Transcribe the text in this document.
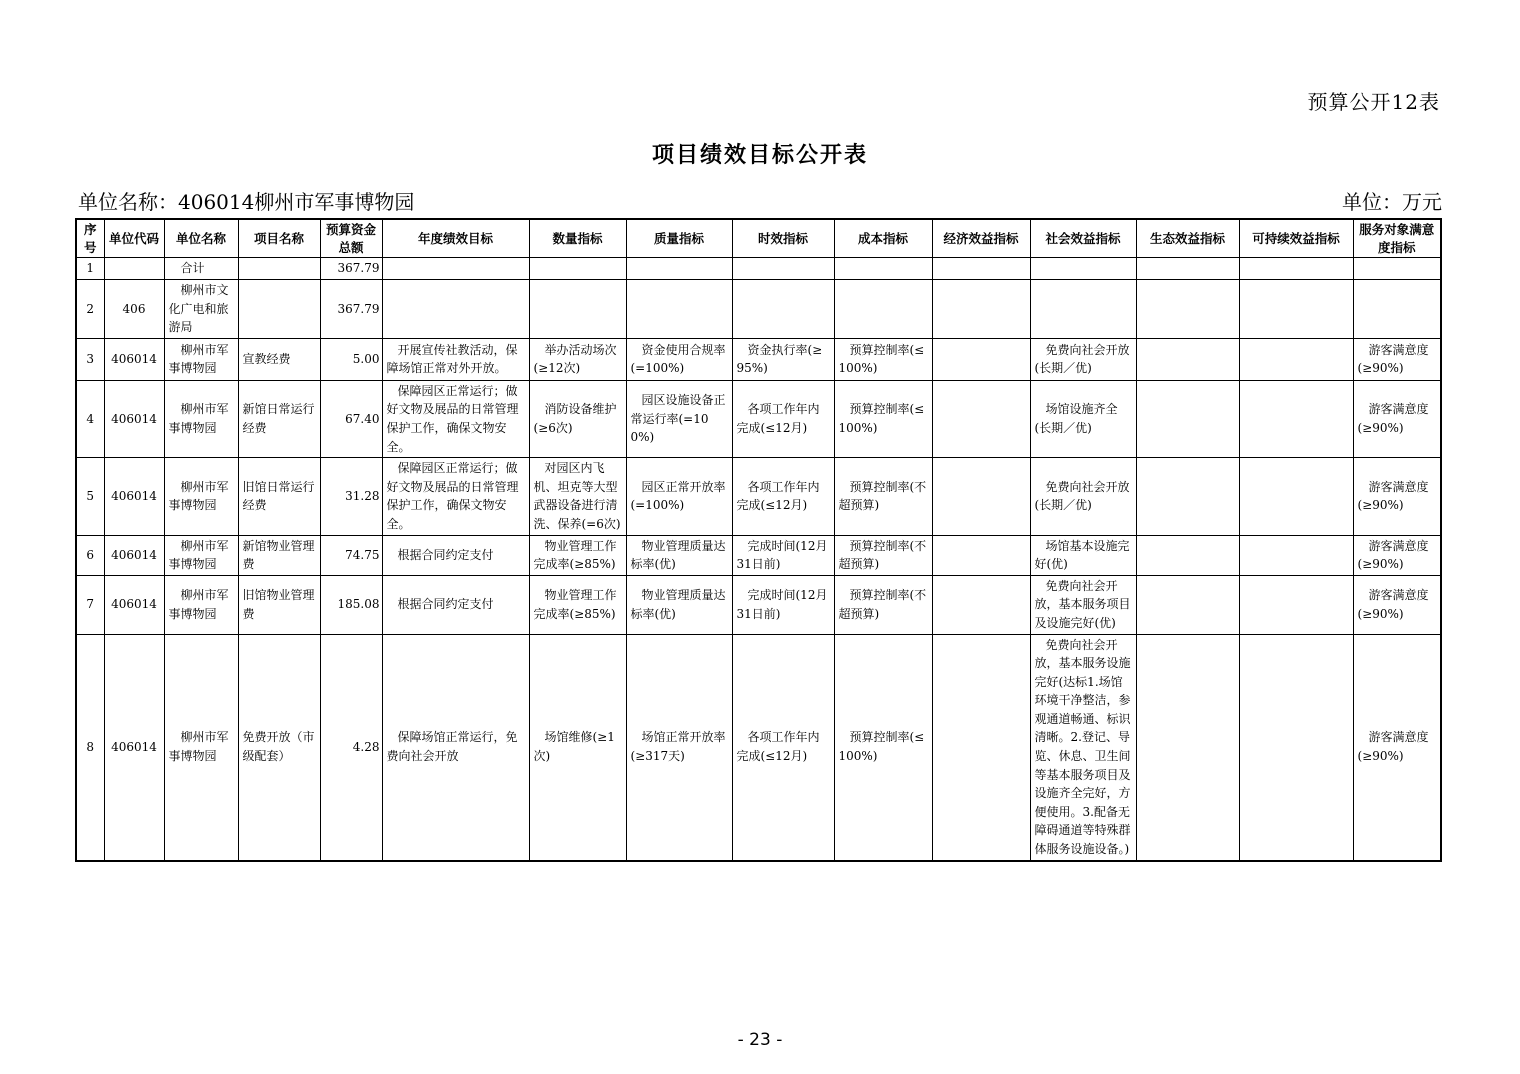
预算公开12表
项目绩效目标公开表
单位名称：406014柳州市军事博物园	单位：万元
序号	单位代码	单位名称	项目名称	预算资金总额	年度绩效目标	数量指标	质量指标	时效指标	成本指标	经济效益指标	社会效益指标	生态效益指标	可持续效益指标	服务对象满意度指标
1		合计		367.79										
2	406	柳州市文化广电和旅游局		367.79										
3	406014	柳州市军事博物园	宣教经费	5.00	开展宣传社教活动，保障场馆正常对外开放。	举办活动场次(≥12次)	资金使用合规率(=100%)	资金执行率(≥95%)	预算控制率(≤100%)		免费向社会开放(长期／优)			游客满意度(≥90%)
4	406014	柳州市军事博物园	新馆日常运行经费	67.40	保障园区正常运行；做好文物及展品的日常管理保护工作，确保文物安全。	消防设备维护(≥6次)	园区设施设备正常运行率(=100%)	各项工作年内完成(≤12月)	预算控制率(≤100%)		场馆设施齐全(长期／优)			游客满意度(≥90%)
5	406014	柳州市军事博物园	旧馆日常运行经费	31.28	保障园区正常运行；做好文物及展品的日常管理保护工作，确保文物安全。	对园区内飞机、坦克等大型武器设备进行清洗、保养(=6次)	园区正常开放率(=100%)	各项工作年内完成(≤12月)	预算控制率(不超预算)		免费向社会开放(长期／优)			游客满意度(≥90%)
6	406014	柳州市军事博物园	新馆物业管理费	74.75	根据合同约定支付	物业管理工作完成率(≥85%)	物业管理质量达标率(优)	完成时间(12月31日前)	预算控制率(不超预算)		场馆基本设施完好(优)			游客满意度(≥90%)
7	406014	柳州市军事博物园	旧馆物业管理费	185.08	根据合同约定支付	物业管理工作完成率(≥85%)	物业管理质量达标率(优)	完成时间(12月31日前)	预算控制率(不超预算)		免费向社会开放，基本服务项目及设施完好(优)			游客满意度(≥90%)
8	406014	柳州市军事博物园	免费开放（市级配套）	4.28	保障场馆正常运行，免费向社会开放	场馆维修(≥1次)	场馆正常开放率(≥317天)	各项工作年内完成(≤12月)	预算控制率(≤100%)		免费向社会开放，基本服务设施完好(达标1.场馆环境干净整洁，参观通道畅通、标识清晰。2.登记、导览、休息、卫生间等基本服务项目及设施齐全完好，方便使用。3.配备无障碍通道等特殊群体服务设施设备。)			游客满意度(≥90%)
- 23 -
